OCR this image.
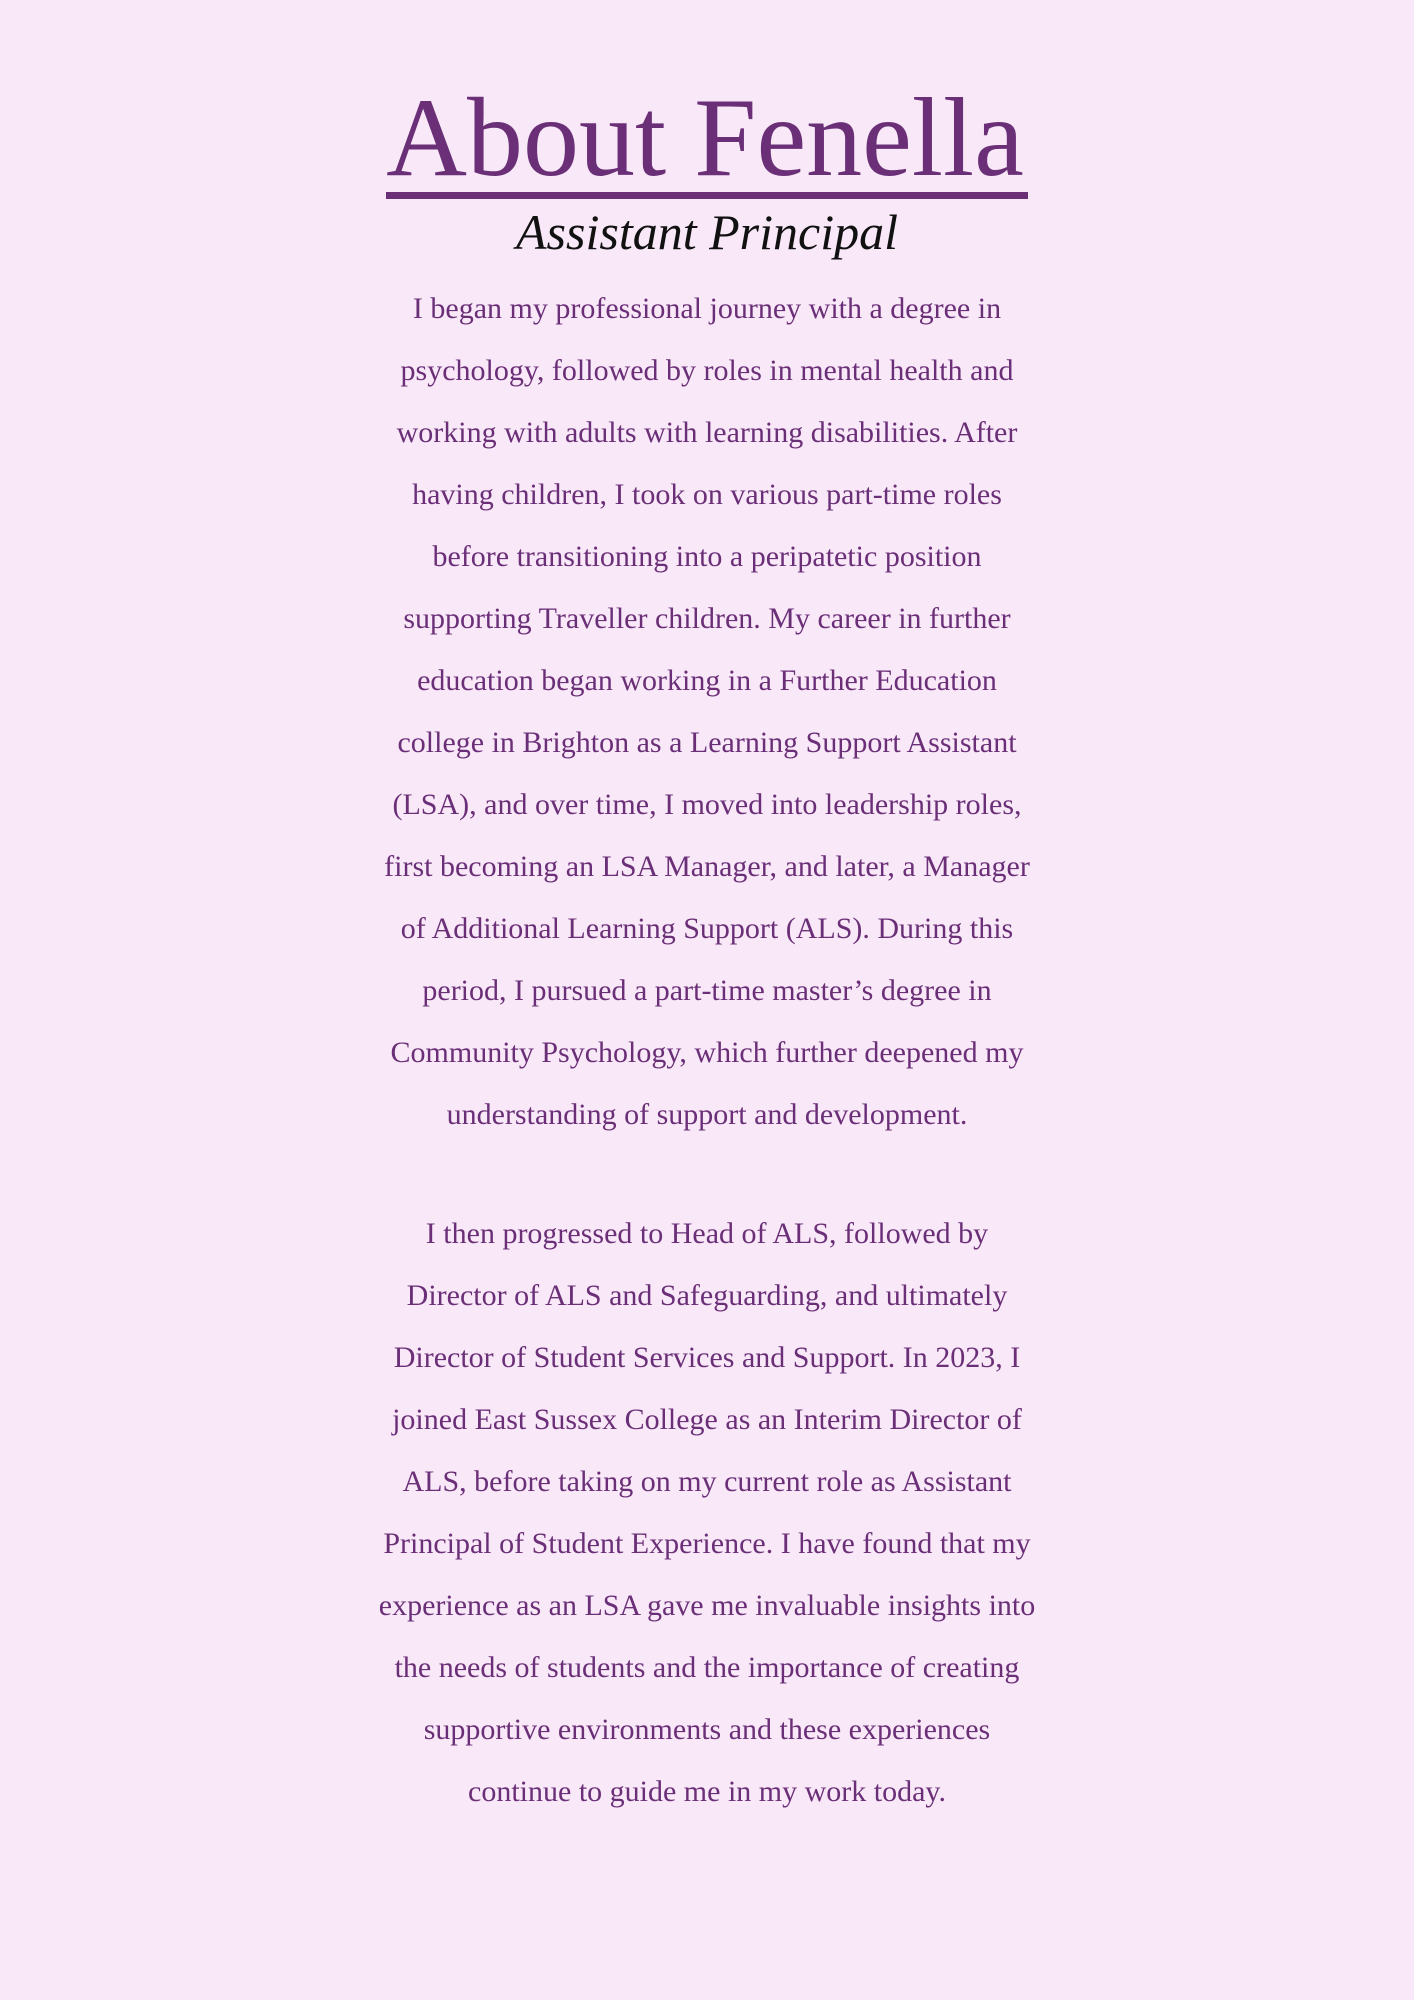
About Fenella
Assistant Principal
I began my professional journey with a degree in
psychology, followed by roles in mental health and
working with adults with learning disabilities. After
having children, I took on various part-time roles
before transitioning into a peripatetic position
supporting Traveller children. My career in further
education began working in a Further Education
college in Brighton as a Learning Support Assistant
(LSA), and over time, I moved into leadership roles,
first becoming an LSA Manager, and later, a Manager
of Additional Learning Support (ALS). During this
period, I pursued a part-time master’s degree in
Community Psychology, which further deepened my
understanding of support and development.
I then progressed to Head of ALS, followed by
Director of ALS and Safeguarding, and ultimately
Director of Student Services and Support. In 2023, I
joined East Sussex College as an Interim Director of
ALS, before taking on my current role as Assistant
Principal of Student Experience. I have found that my
experience as an LSA gave me invaluable insights into
the needs of students and the importance of creating
supportive environments and these experiences
continue to guide me in my work today.
